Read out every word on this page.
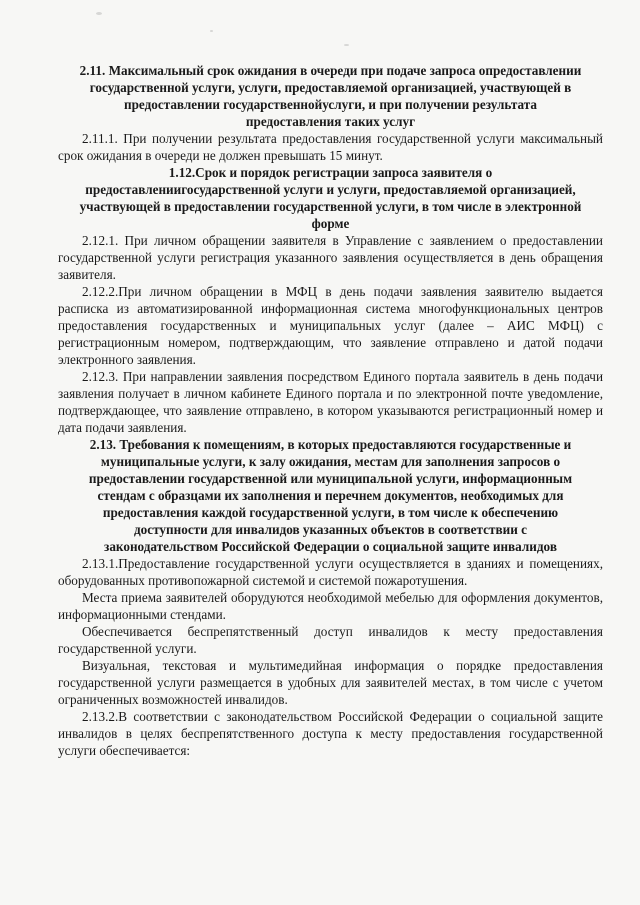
2.11. Максимальный срок ожидания в очереди при подаче запроса опредоставлении государственной услуги, услуги, предоставляемой организацией, участвующей в предоставлении государственнойуслуги, и при получении результата предоставления таких услуг

2.11.1. При получении результата предоставления государственной услуги максимальный срок ожидания в очереди не должен превышать 15 минут.

1.12.Срок и порядок регистрации запроса заявителя о предоставлениигосударственной услуги и услуги, предоставляемой организацией, участвующей в предоставлении государственной услуги, в том числе в электронной форме

2.12.1. При личном обращении заявителя в Управление с заявлением о предоставлении государственной услуги регистрация указанного заявления осуществляется в день обращения заявителя.

2.12.2.При личном обращении в МФЦ в день подачи заявления заявителю выдается расписка из автоматизированной информационная система многофункциональных центров предоставления государственных и муниципальных услуг (далее – АИС МФЦ) с регистрационным номером, подтверждающим, что заявление отправлено и датой подачи электронного заявления.

2.12.3. При направлении заявления посредством Единого портала заявитель в день подачи заявления получает в личном кабинете Единого портала и по электронной почте уведомление, подтверждающее, что заявление отправлено, в котором указываются регистрационный номер и дата подачи заявления.

2.13. Требования к помещениям, в которых предоставляются государственные и муниципальные услуги, к залу ожидания, местам для заполнения запросов о предоставлении государственной или муниципальной услуги, информационным стендам с образцами их заполнения и перечнем документов, необходимых для предоставления каждой государственной услуги, в том числе к обеспечению доступности для инвалидов указанных объектов в соответствии с законодательством Российской Федерации о социальной защите инвалидов

2.13.1.Предоставление государственной услуги осуществляется в зданиях и помещениях, оборудованных противопожарной системой и системой пожаротушения.

Места приема заявителей оборудуются необходимой мебелью для оформления документов, информационными стендами.

Обеспечивается беспрепятственный доступ инвалидов к месту предоставления государственной услуги.

Визуальная, текстовая и мультимедийная информация о порядке предоставления государственной услуги размещается в удобных для заявителей местах, в том числе с учетом ограниченных возможностей инвалидов.

2.13.2.В соответствии с законодательством Российской Федерации о социальной защите инвалидов в целях беспрепятственного доступа к месту предоставления государственной услуги обеспечивается:
